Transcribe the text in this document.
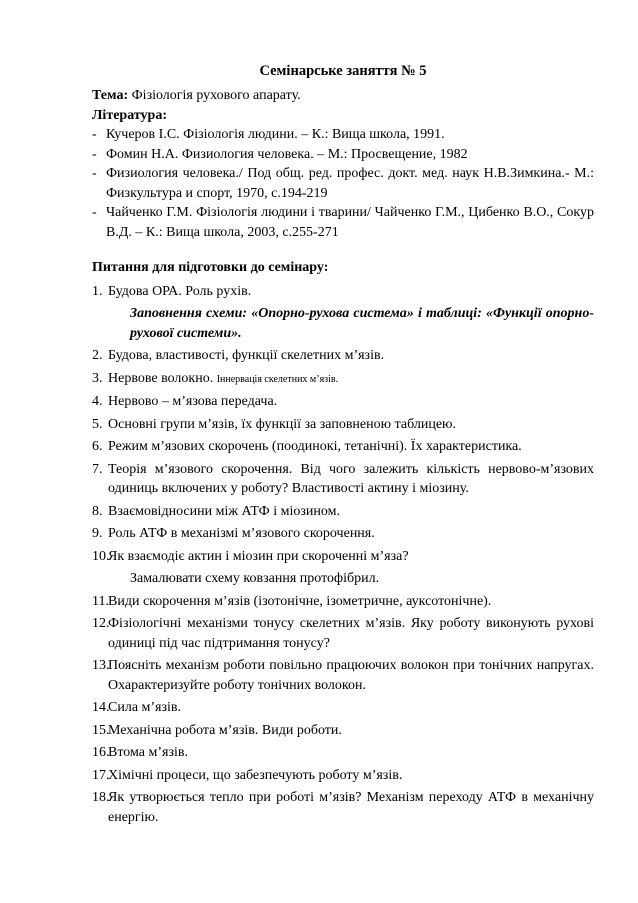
Семінарське заняття № 5
Тема: Фізіологія рухового апарату.
Література:
- Кучеров І.С. Фізіологія людини. – К.: Вища школа, 1991.
- Фомин Н.А. Физиология человека. – М.: Просвещение, 1982
- Физиология человека./ Под общ. ред. профес. докт. мед. наук Н.В.Зимкина.- М.: Физкультура и спорт, 1970, с.194-219
- Чайченко Г.М. Фізіологія людини і тварини/ Чайченко Г.М., Цибенко В.О., Сокур В.Д. – К.: Вища школа, 2003, с.255-271
Питання для підготовки до семінару:
1. Будова ОРА. Роль рухів.
Заповнення схеми: «Опорно-рухова система» і таблиці: «Функції опорно-рухової системи».
2. Будова, властивості, функції скелетних м’язів.
3. Нервове волокно. Іннервація скелетних м’язів.
4. Нервово – м’язова передача.
5. Основні групи м’язів, їх функції за заповненою таблицею.
6. Режим м’язових скорочень (поодинокі, тетанічні). Їх характеристика.
7. Теорія м’язового скорочення. Від чого залежить кількість нервово-м’язових одиниць включених у роботу? Властивості актину і міозину.
8. Взаємовідносини між АТФ і міозином.
9. Роль АТФ в механізмі м’язового скорочення.
10.
Як взаємодіє актин і міозин при скороченні м’яза?
Замалювати схему ковзання протофібрил.
11. Види скорочення м’язів (ізотонічне, ізометричне, ауксотонічне).
12.
Фізіологічні механізми тонусу скелетних м’язів. Яку роботу виконують рухові одиниці під час підтримання тонусу?
13.
Поясніть механізм роботи повільно працюючих волокон при тонічних напругах. Охарактеризуйте роботу тонічних волокон.
14.
Сила м’язів.
15.
Механічна робота м’язів. Види роботи.
16.
Втома м’язів.
17.
Хімічні процеси, що забезпечують роботу м’язів.
18.
Як утворюється тепло при роботі м’язів? Механізм переходу АТФ в механічну енергію.
